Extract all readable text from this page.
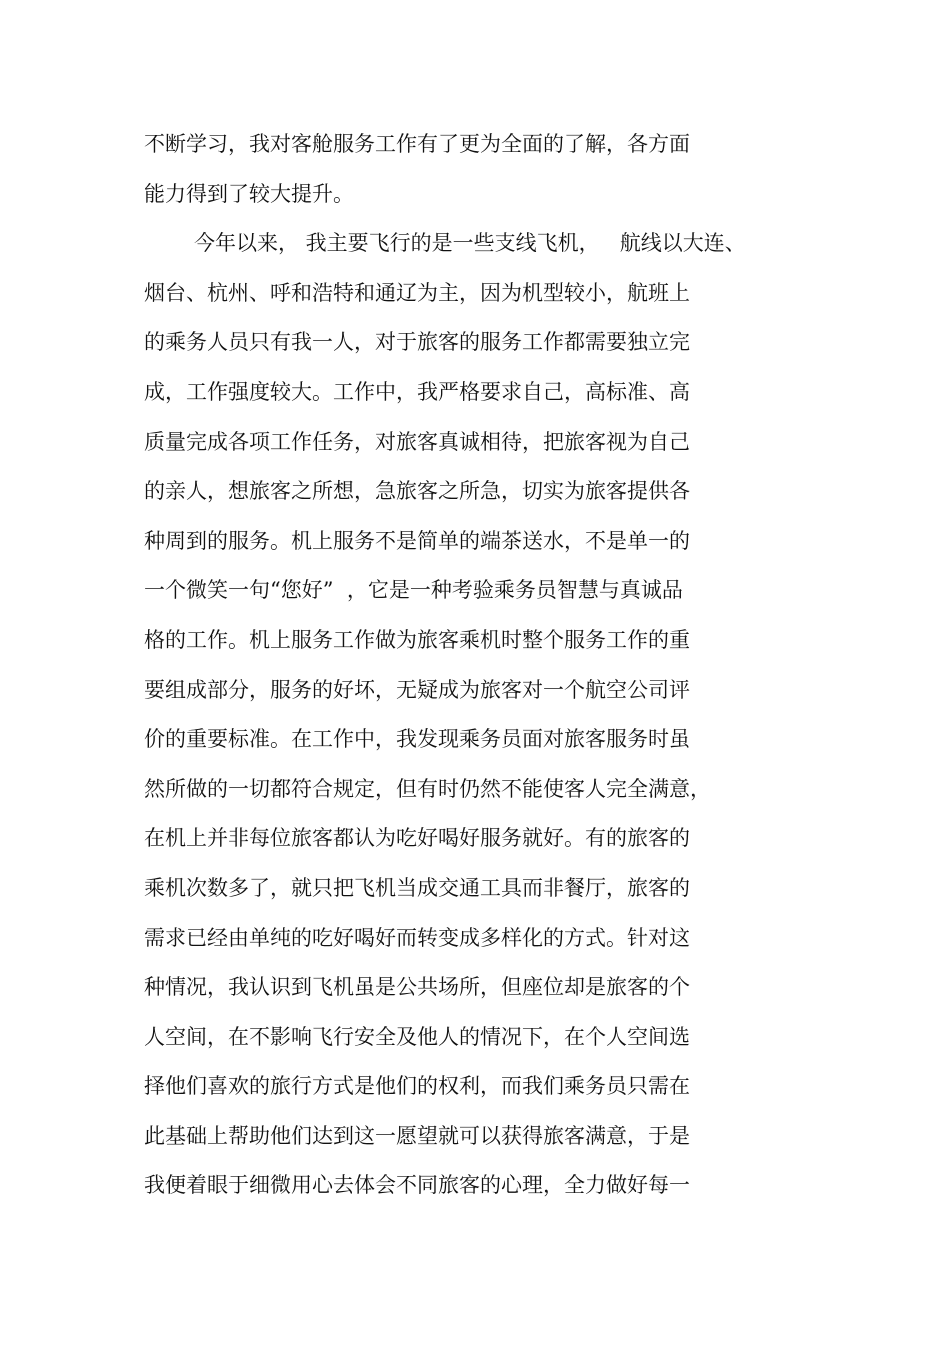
不断学习，我对客舱服务工作有了更为全面的了解，各方面
能力得到了较大提升。
今年以来， 我主要飞行的是一些支线飞机，   航线以大连、
烟台、杭州、呼和浩特和通辽为主，因为机型较小，航班上
的乘务人员只有我一人，对于旅客的服务工作都需要独立完
成，工作强度较大。工作中，我严格要求自己，高标准、高
质量完成各项工作任务，对旅客真诚相待，把旅客视为自己
的亲人，想旅客之所想，急旅客之所急，切实为旅客提供各
种周到的服务。机上服务不是简单的端茶送水，不是单一的
一个微笑一句“您好”  ，它是一种考验乘务员智慧与真诚品
格的工作。机上服务工作做为旅客乘机时整个服务工作的重
要组成部分，服务的好坏，无疑成为旅客对一个航空公司评
价的重要标准。在工作中，我发现乘务员面对旅客服务时虽
然所做的一切都符合规定，但有时仍然不能使客人完全满意，
在机上并非每位旅客都认为吃好喝好服务就好。有的旅客的
乘机次数多了，就只把飞机当成交通工具而非餐厅，旅客的
需求已经由单纯的吃好喝好而转变成多样化的方式。针对这
种情况，我认识到飞机虽是公共场所，但座位却是旅客的个
人空间，在不影响飞行安全及他人的情况下，在个人空间选
择他们喜欢的旅行方式是他们的权利，而我们乘务员只需在
此基础上帮助他们达到这一愿望就可以获得旅客满意，于是
我便着眼于细微用心去体会不同旅客的心理，全力做好每一
